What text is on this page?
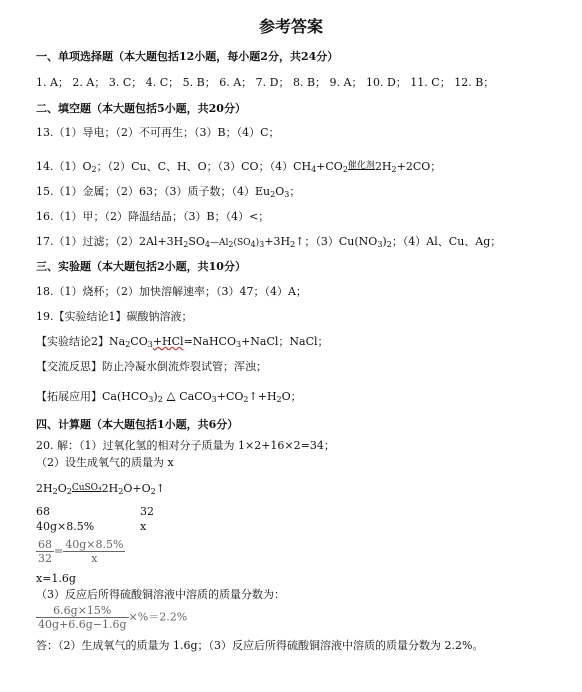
参考答案
一、单项选择题（本大题包括12小题，每小题2分，共24分）
1. A； 2. A； 3. C； 4. C； 5. B； 6. A； 7. D； 8. B； 9. A； 10. D； 11. C； 12. B；
二、填空题（本大题包括5小题，共20分）
13.（1）导电；（2）不可再生；（3）B；（4）C；
$14.(1)O_2$；（2）Cu、C、H、O；（3）CO；$(4)CH_4+CO_2$ 催化剂 $2H_2+2CO$；
15.（1）金属；（2）63；（3）质子数；$(4)Eu_2O_3$；
16.（1）甲；（2）降温结晶；（3）B；（4）<；
17.（1）过滤；$(2)2Al+3H_2SO_4—Al_2(SO_4)_3+3H_2↑$；$(3)Cu(NO_3)_2$；（4）Al、Cu、Ag；
三、实验题（本大题包括2小题，共10分）
18.（1）烧杯；（2）加快溶解速率；（3）47；（4）A；
19.【实验结论1】碳酸钠溶液；
【实验结论2】$Na_2CO_3+HCl=NaHCO_3+NaCl$；NaCl；
【交流反思】防止冷凝水倒流炸裂试管；浑浊；
【拓展应用】$Ca(HCO_3)_2$ △ $CaCO_3+CO_2↑+H_2O$；
四、计算题（本大题包括1小题，共6分）
20. 解：（1）过氧化氢的相对分子质量为 1×2+16×2=34；
（2）设生成氧气的质量为 x
$2H_2O_2$ CuSO₄ $2H_2O+O_2↑$
68	32
40g×8.5%	x
$\frac{68}{32} = \frac{40g\times 8.5\%}{x}$
x=1.6g
（3）反应后所得硫酸铜溶液中溶质的质量分数为：
$\frac{6.6g\times 15\%}{40g+6.6g-1.6g} \times\%=2.2\%$
答：（2）生成氧气的质量为 1.6g；（3）反应后所得硫酸铜溶液中溶质的质量分数为 2.2%。
